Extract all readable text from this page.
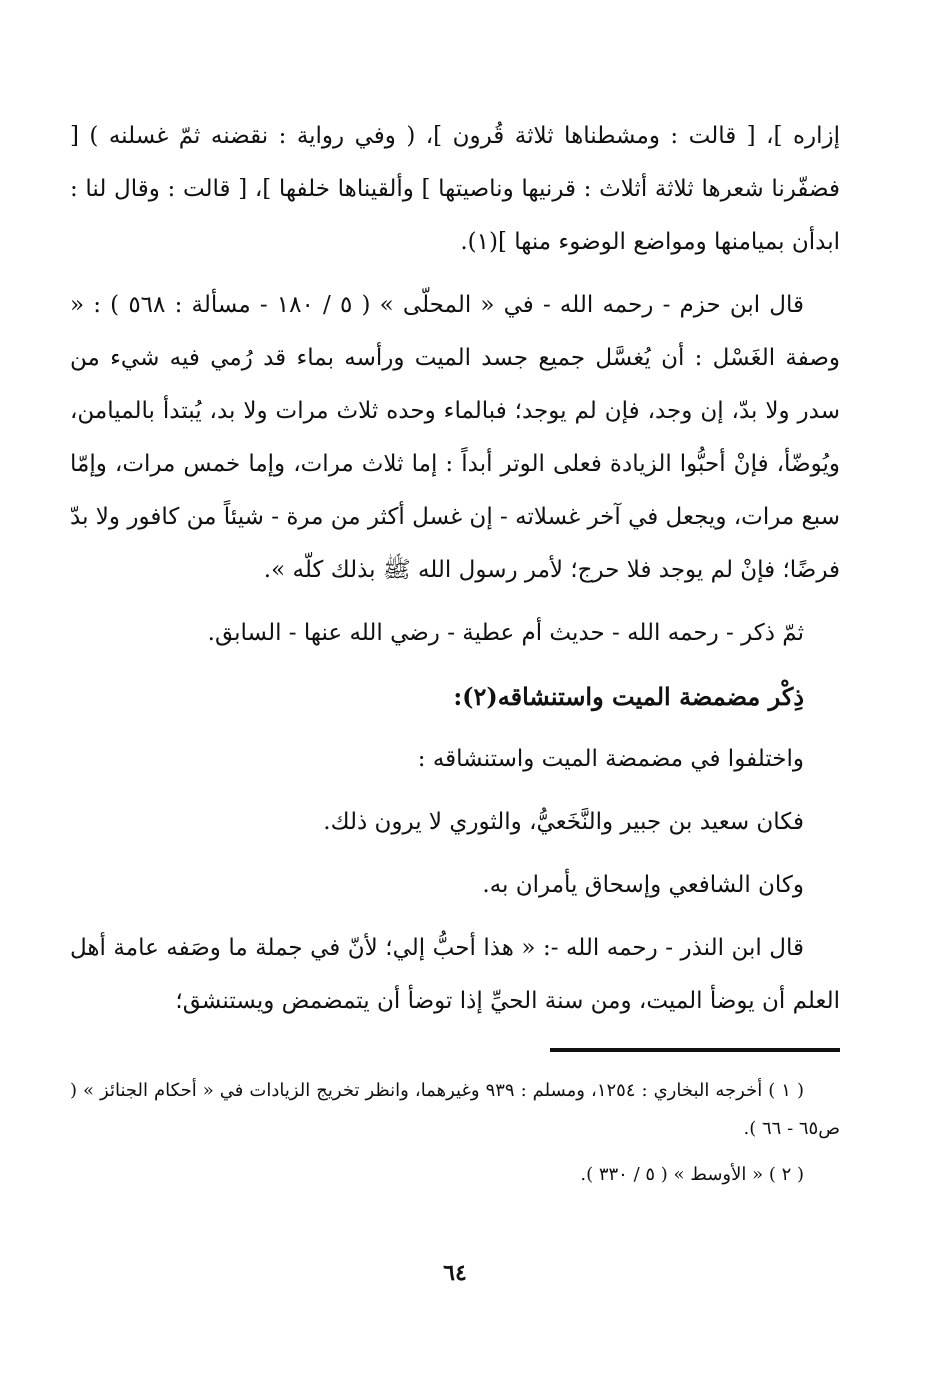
إزاره ]، [ قالت : ومشطناها ثلاثة قُرون ]، ( وفي رواية : نقضنه ثمّ غسلنه ) [ فضفّرنا شعرها ثلاثة أثلاث : قرنيها وناصيتها ] وألقيناها خلفها ]، [ قالت : وقال لنا : ابدأن بميامنها ومواضع الوضوء منها ](١).

قال ابن حزم - رحمه الله - في « المحلّى » ( ٥ / ١٨٠ - مسألة : ٥٦٨ ) : « وصفة الغَسْل : أن يُغسَّل جميع جسد الميت ورأسه بماء قد رُمي فيه شيء من سدر ولا بدّ، إن وجد، فإن لم يوجد؛ فبالماء وحده ثلاث مرات ولا بد، يُبتدأ بالميامن، ويُوضّأ، فإنْ أحبُّوا الزيادة فعلى الوتر أبداً : إما ثلاث مرات، وإما خمس مرات، وإمّا سبع مرات، ويجعل في آخر غسلاته - إن غسل أكثر من مرة - شيئاً من كافور ولا بدّ فرضًا؛ فإنْ لم يوجد فلا حرج؛ لأمر رسول الله ﷺ بذلك كلّه ».

ثمّ ذكر - رحمه الله - حديث أم عطية - رضي الله عنها - السابق.

ذِكْر مضمضة الميت واستنشاقه(٢):

واختلفوا في مضمضة الميت واستنشاقه :

فكان سعيد بن جبير والنَّخَعيُّ، والثوري لا يرون ذلك.

وكان الشافعي وإسحاق يأمران به.

قال ابن النذر - رحمه الله -: « هذا أحبُّ إلي؛ لأنّ في جملة ما وصَفه عامة أهل العلم أن يوضأ الميت، ومن سنة الحيِّ إذا توضأ أن يتمضمض ويستنشق؛

( ١ ) أخرجه البخاري : ١٢٥٤، ومسلم : ٩٣٩ وغيرهما، وانظر تخريج الزيادات في « أحكام الجنائز » ( ص٦٥ - ٦٦ ).

( ٢ ) « الأوسط » ( ٥ / ٣٣٠ ).

٦٤
